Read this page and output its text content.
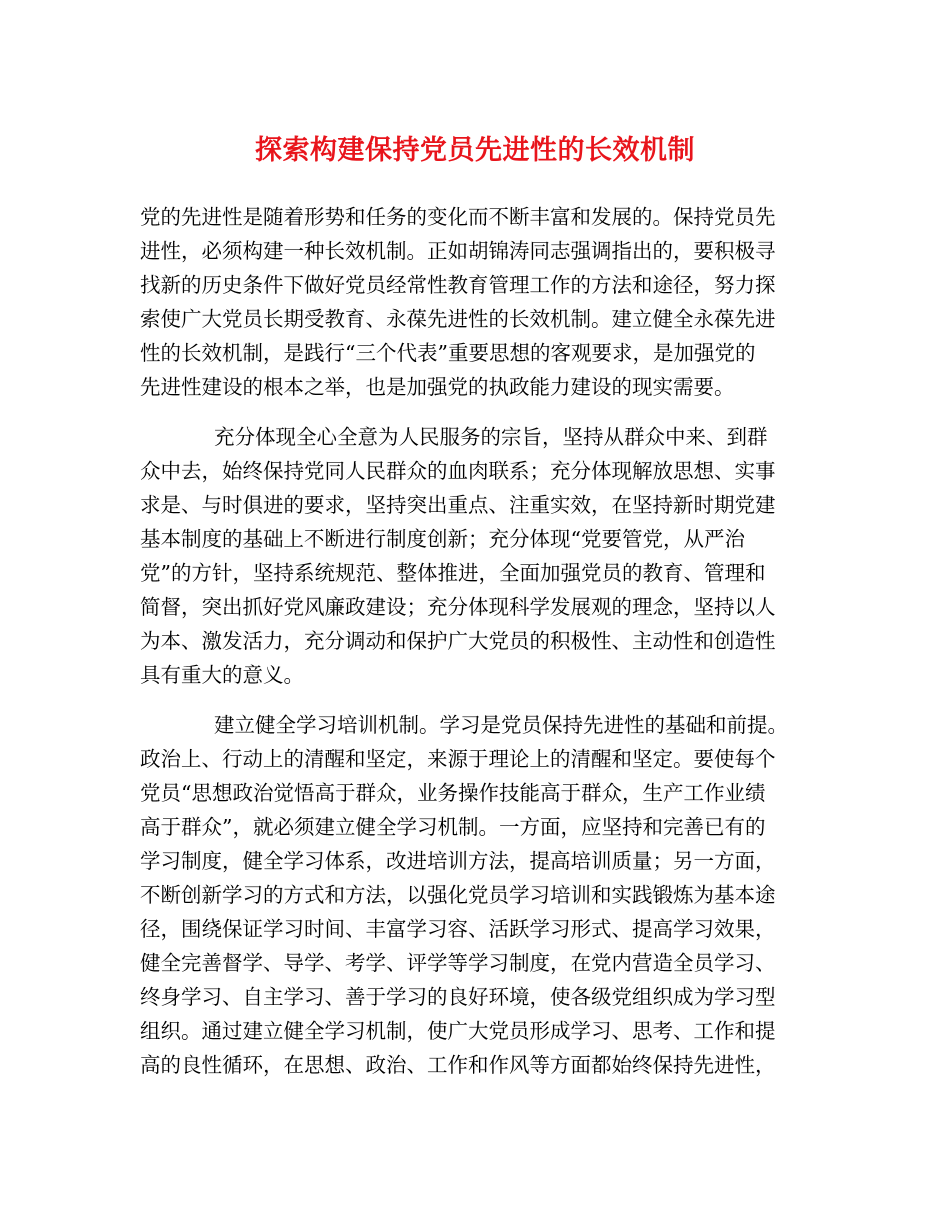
探索构建保持党员先进性的长效机制
党的先进性是随着形势和任务的变化而不断丰富和发展的。保持党员先
进性，必须构建一种长效机制。正如胡锦涛同志强调指出的，要积极寻
找新的历史条件下做好党员经常性教育管理工作的方法和途径，努力探
索使广大党员长期受教育、永葆先进性的长效机制。建立健全永葆先进
性的长效机制，是践行“三个代表”重要思想的客观要求，是加强党的
先进性建设的根本之举，也是加强党的执政能力建设的现实需要。
充分体现全心全意为人民服务的宗旨，坚持从群众中来、到群
众中去，始终保持党同人民群众的血肉联系；充分体现解放思想、实事
求是、与时俱进的要求，坚持突出重点、注重实效，在坚持新时期党建
基本制度的基础上不断进行制度创新；充分体现“党要管党，从严治
党”的方针，坚持系统规范、整体推进，全面加强党员的教育、管理和
简督，突出抓好党风廉政建设；充分体现科学发展观的理念，坚持以人
为本、激发活力，充分调动和保护广大党员的积极性、主动性和创造性
具有重大的意义。
建立健全学习培训机制。学习是党员保持先进性的基础和前提。
政治上、行动上的清醒和坚定，来源于理论上的清醒和坚定。要使每个
党员“思想政治觉悟高于群众，业务操作技能高于群众，生产工作业绩
高于群众”，就必须建立健全学习机制。一方面，应坚持和完善已有的
学习制度，健全学习体系，改进培训方法，提高培训质量；另一方面，
不断创新学习的方式和方法，以强化党员学习培训和实践锻炼为基本途
径，围绕保证学习时间、丰富学习容、活跃学习形式、提高学习效果，
健全完善督学、导学、考学、评学等学习制度，在党内营造全员学习、
终身学习、自主学习、善于学习的良好环境，使各级党组织成为学习型
组织。通过建立健全学习机制，使广大党员形成学习、思考、工作和提
高的良性循环，在思想、政治、工作和作风等方面都始终保持先进性，
